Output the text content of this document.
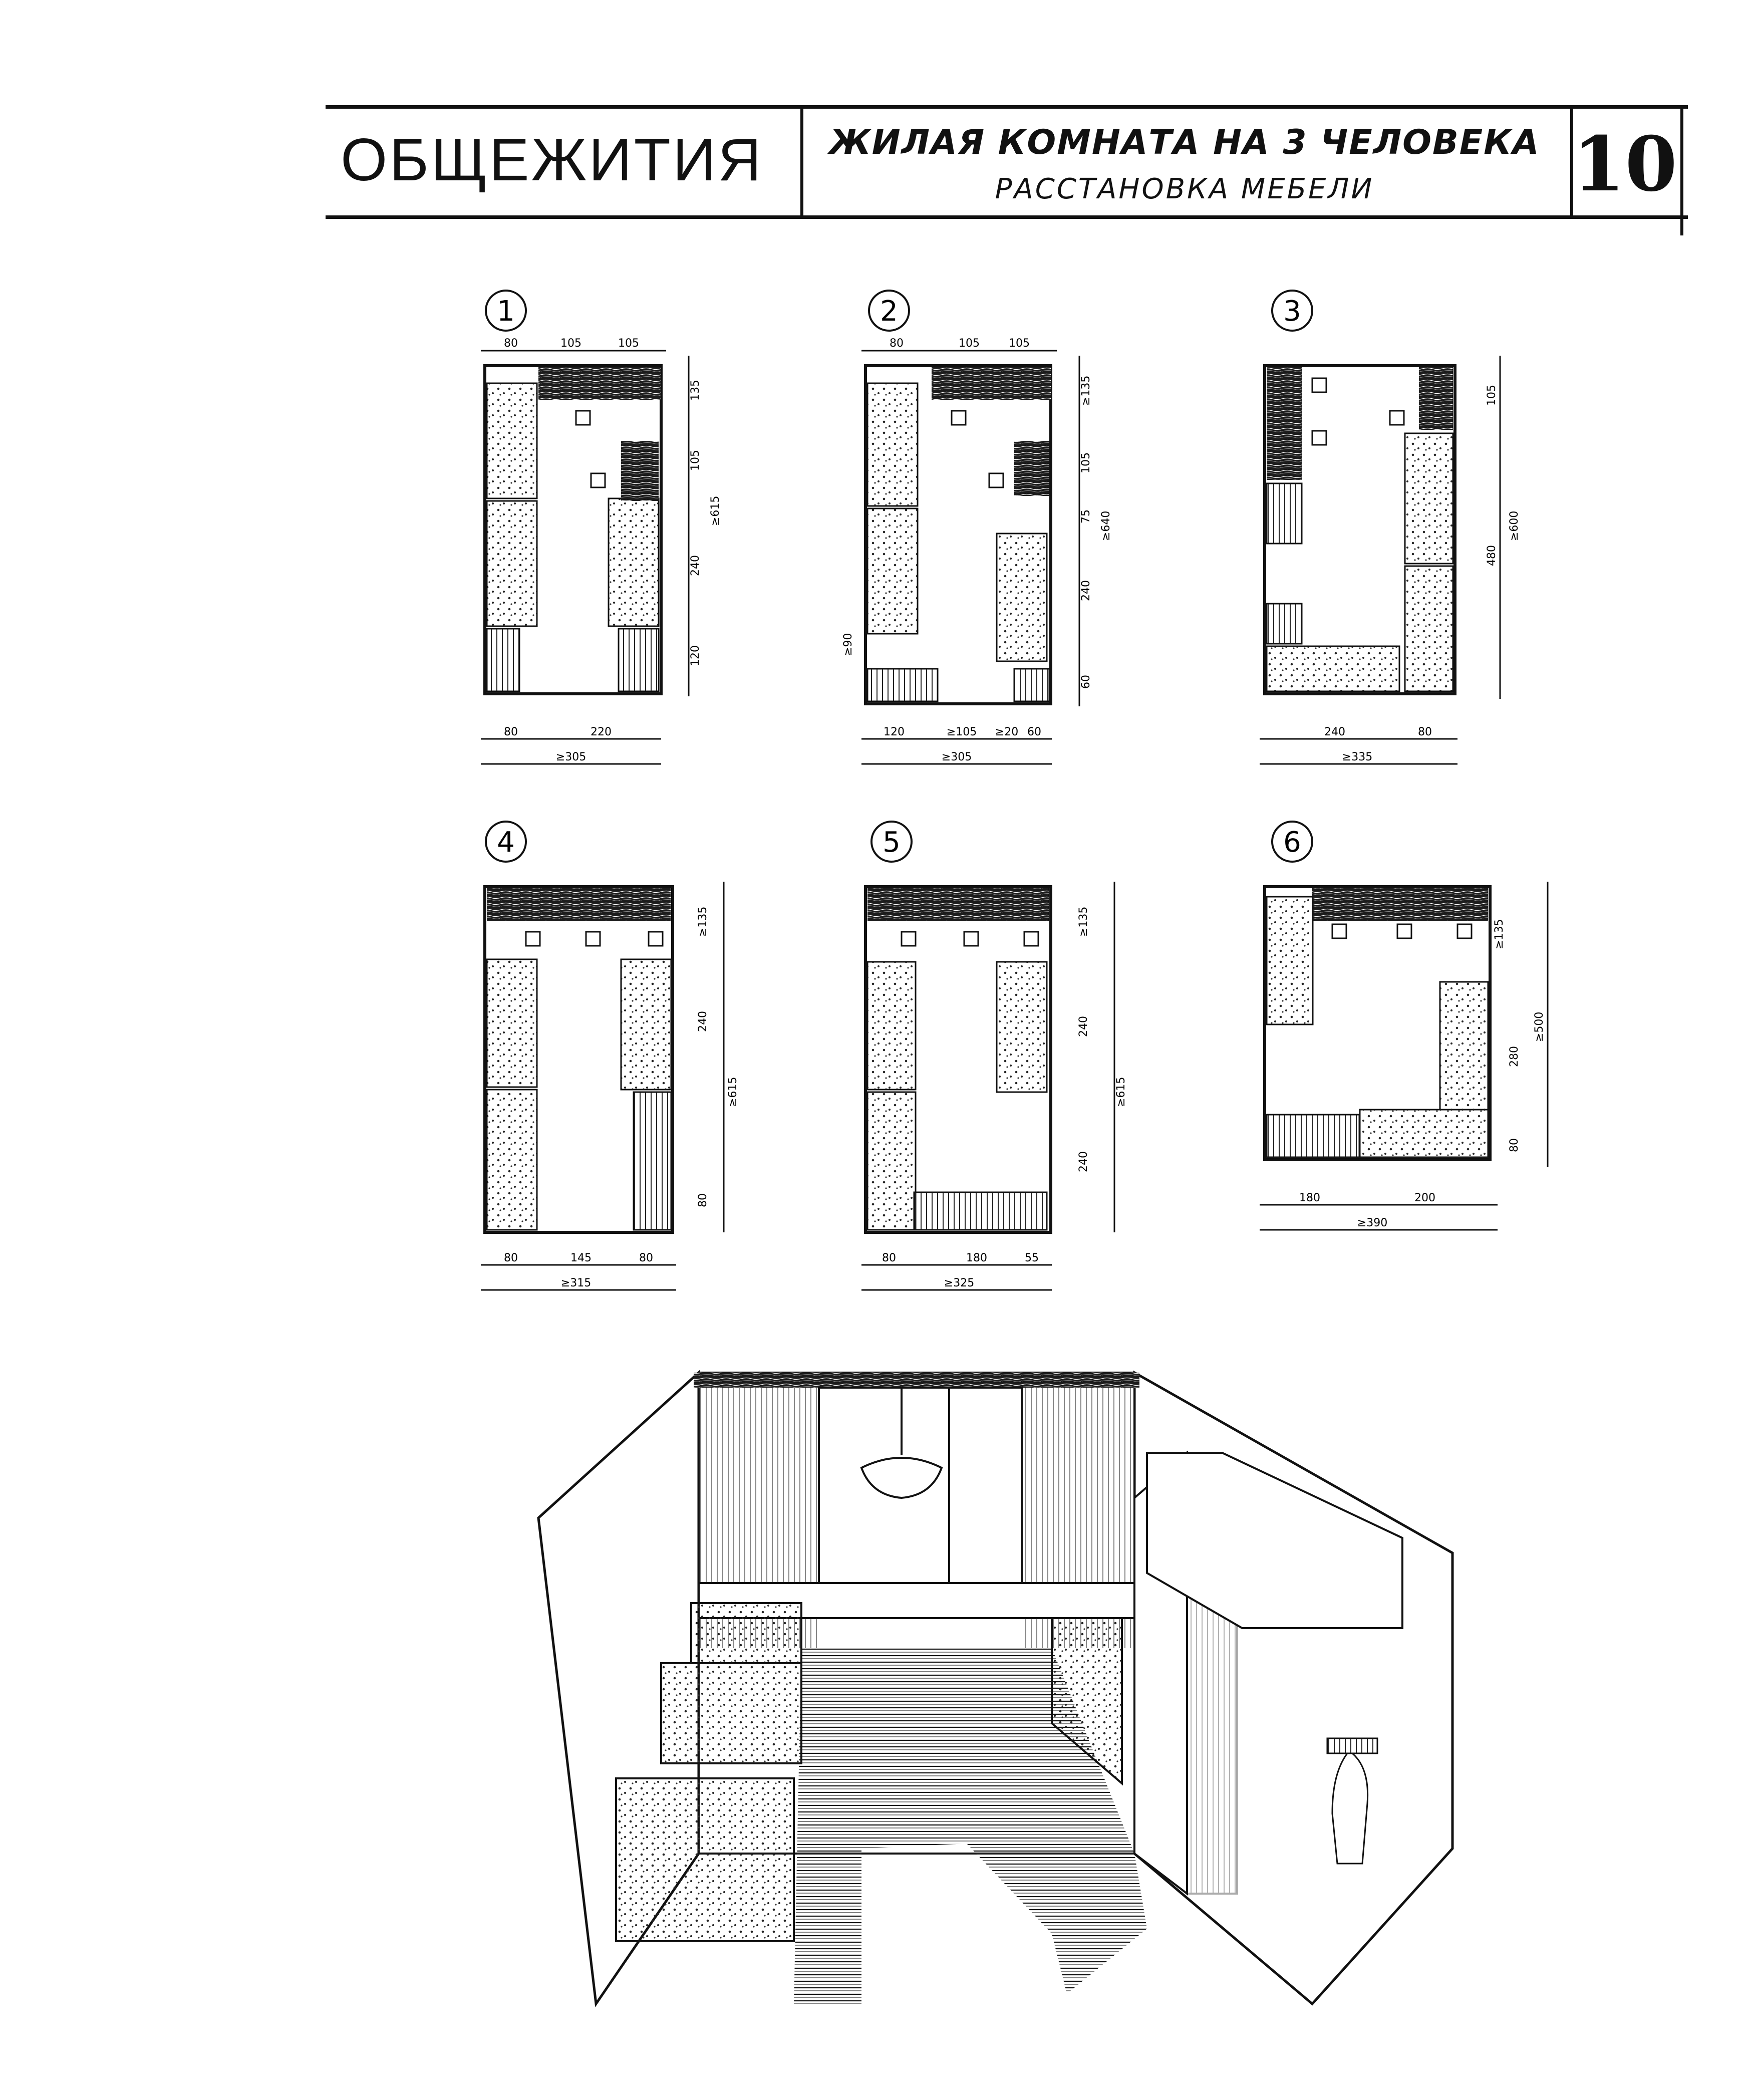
ОБЩЕЖИТИЯ	ЖИЛАЯ КОМНАТА НА 3 ЧЕЛОВЕКА
РАССТАНОВКА МЕБЕЛИ	10
1
80	105	105
135
105
240
120
≥615
80	220
≥305
2
80	105	105
≥135
105
75
240
60
≥640
≥90
120	≥105 ≥20 60
≥305
3
105
480
≥600
240	80
≥335
4
≥135
240
80
≥615
80	145	80
≥315
5
≥135
240
240
≥615
80	180	55
≥325
6
≥135
280
80
≥500
180	200
≥390
